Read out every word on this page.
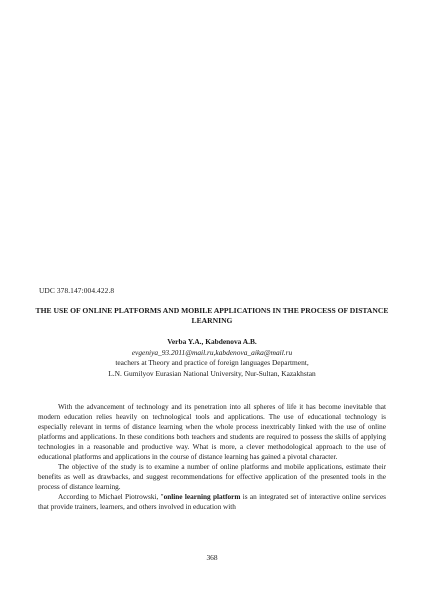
UDC 378.147:004.422.8
THE USE OF ONLINE PLATFORMS AND MOBILE APPLICATIONS IN THE PROCESS OF DISTANCE LEARNING
Verba Y.A., Kabdenova A.B.
evgeniya_93.2011@mail.ru,kabdenova_aika@mail.ru
teachers at Theory and practice of foreign languages Department,
L.N. Gumilyov Eurasian National University, Nur-Sultan, Kazakhstan

With the advancement of technology and its penetration into all spheres of life it has become inevitable that modern education relies heavily on technological tools and applications. The use of educational technology is especially relevant in terms of distance learning when the whole process inextricably linked with the use of online platforms and applications. In these conditions both teachers and students are required to possess the skills of applying technologies in a reasonable and productive way. What is more, a clever methodological approach to the use of educational platforms and applications in the course of distance learning has gained a pivotal character.

The objective of the study is to examine a number of online platforms and mobile applications, estimate their benefits as well as drawbacks, and suggest recommendations for effective application of the presented tools in the process of distance learning.

According to Michael Piotrowski, "online learning platform is an integrated set of interactive online services that provide trainers, learners, and others involved in education with

368
